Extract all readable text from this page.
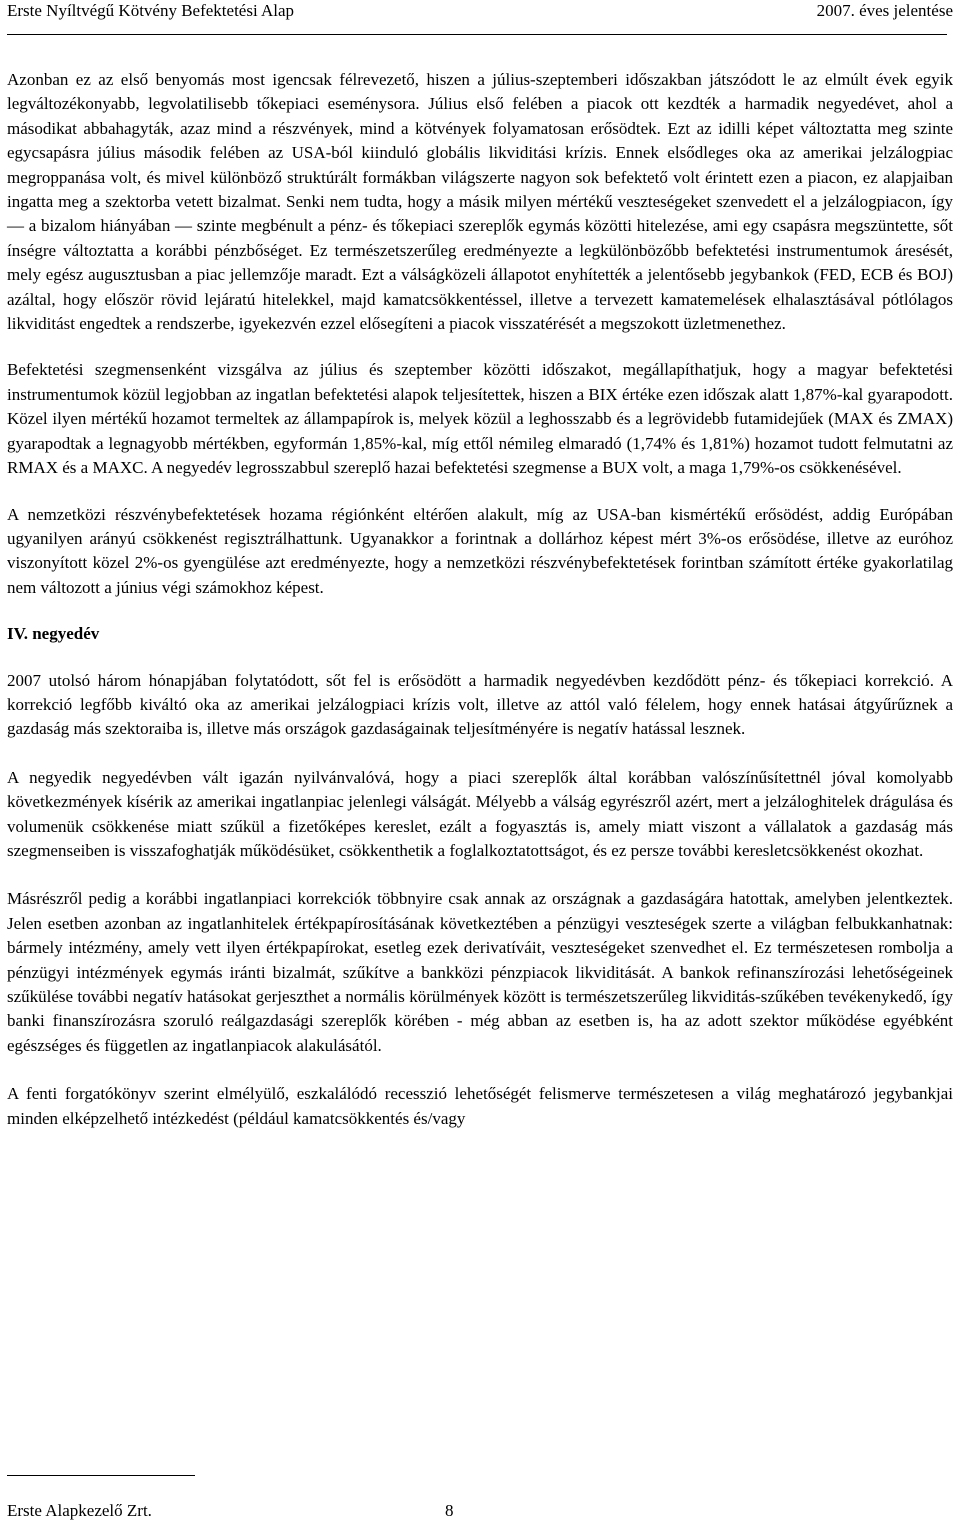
Erste Nyíltvégű Kötvény Befektetési Alap	2007. éves jelentése

Azonban ez az első benyomás most igencsak félrevezető, hiszen a július-szeptemberi időszakban játszódott le az elmúlt évek egyik legváltozékonyabb, legvolatilisebb tőkepiaci eseménysora. Július első felében a piacok ott kezdték a harmadik negyedévet, ahol a másodikat abbahagyták, azaz mind a részvények, mind a kötvények folyamatosan erősödtek. Ezt az idilli képet változtatta meg szinte egycsapásra július második felében az USA-ból kiinduló globális likviditási krízis. Ennek elsődleges oka az amerikai jelzálogpiac megroppanása volt, és mivel különböző struktúrált formákban világszerte nagyon sok befektető volt érintett ezen a piacon, ez alapjaiban ingatta meg a szektorba vetett bizalmat. Senki nem tudta, hogy a másik milyen mértékű veszteségeket szenvedett el a jelzálogpiacon, így — a bizalom hiányában — szinte megbénult a pénz- és tőkepiaci szereplők egymás közötti hitelezése, ami egy csapásra megszüntette, sőt ínségre változtatta a korábbi pénzbőséget. Ez természetszerűleg eredményezte a legkülönbözőbb befektetési instrumentumok áresését, mely egész augusztusban a piac jellemzője maradt. Ezt a válságközeli állapotot enyhítették a jelentősebb jegybankok (FED, ECB és BOJ) azáltal, hogy először rövid lejáratú hitelekkel, majd kamatcsökkentéssel, illetve a tervezett kamatemelések elhalasztásával pótlólagos likviditást engedtek a rendszerbe, igyekezvén ezzel elősegíteni a piacok visszatérését a megszokott üzletmenethez.

Befektetési szegmensenként vizsgálva az július és szeptember közötti időszakot, megállapíthatjuk, hogy a magyar befektetési instrumentumok közül legjobban az ingatlan befektetési alapok teljesítettek, hiszen a BIX értéke ezen időszak alatt 1,87%-kal gyarapodott. Közel ilyen mértékű hozamot termeltek az állampapírok is, melyek közül a leghosszabb és a legrövidebb futamidejűek (MAX és ZMAX) gyarapodtak a legnagyobb mértékben, egyformán 1,85%-kal, míg ettől némileg elmaradó (1,74% és 1,81%) hozamot tudott felmutatni az RMAX és a MAXC. A negyedév legrosszabbul szereplő hazai befektetési szegmense a BUX volt, a maga 1,79%-os csökkenésével.

A nemzetközi részvénybefektetések hozama régiónként eltérően alakult, míg az USA-ban kismértékű erősödést, addig Európában ugyanilyen arányú csökkenést regisztrálhattunk. Ugyanakkor a forintnak a dollárhoz képest mért 3%-os erősödése, illetve az euróhoz viszonyított közel 2%-os gyengülése azt eredményezte, hogy a nemzetközi részvénybefektetések forintban számított értéke gyakorlatilag nem változott a június végi számokhoz képest.

IV. negyedév

2007 utolsó három hónapjában folytatódott, sőt fel is erősödött a harmadik negyedévben kezdődött pénz- és tőkepiaci korrekció. A korrekció legfőbb kiváltó oka az amerikai jelzálogpiaci krízis volt, illetve az attól való félelem, hogy ennek hatásai átgyűrűznek a gazdaság más szektoraiba is, illetve más országok gazdaságainak teljesítményére is negatív hatással lesznek.

A negyedik negyedévben vált igazán nyilvánvalóvá, hogy a piaci szereplők által korábban valószínűsítettnél jóval komolyabb következmények kísérik az amerikai ingatlanpiac jelenlegi válságát. Mélyebb a válság egyrészről azért, mert a jelzáloghitelek drágulása és volumenük csökkenése miatt szűkül a fizetőképes kereslet, ezált a fogyasztás is, amely miatt viszont a vállalatok a gazdaság más szegmenseiben is visszafoghatják működésüket, csökkenthetik a foglalkoztatottságot, és ez persze további keresletcsökkenést okozhat.

Másrészről pedig a korábbi ingatlanpiaci korrekciók többnyire csak annak az országnak a gazdaságára hatottak, amelyben jelentkeztek. Jelen esetben azonban az ingatlanhitelek értékpapírosításának következtében a pénzügyi veszteségek szerte a világban felbukkanhatnak: bármely intézmény, amely vett ilyen értékpapírokat, esetleg ezek derivatíváit, veszteségeket szenvedhet el. Ez természetesen rombolja a pénzügyi intézmények egymás iránti bizalmát, szűkítve a bankközi pénzpiacok likviditását. A bankok refinanszírozási lehetőségeinek szűkülése további negatív hatásokat gerjeszthet a normális körülmények között is természetszerűleg likviditás-szűkében tevékenykedő, így banki finanszírozásra szoruló reálgazdasági szereplők körében - még abban az esetben is, ha az adott szektor működése egyébként egészséges és független az ingatlanpiacok alakulásától.

A fenti forgatókönyv szerint elmélyülő, eszkalálódó recesszió lehetőségét felismerve természetesen a világ meghatározó jegybankjai minden elképzelhető intézkedést (például kamatcsökkentés és/vagy

Erste Alapkezelő Zrt.	8
